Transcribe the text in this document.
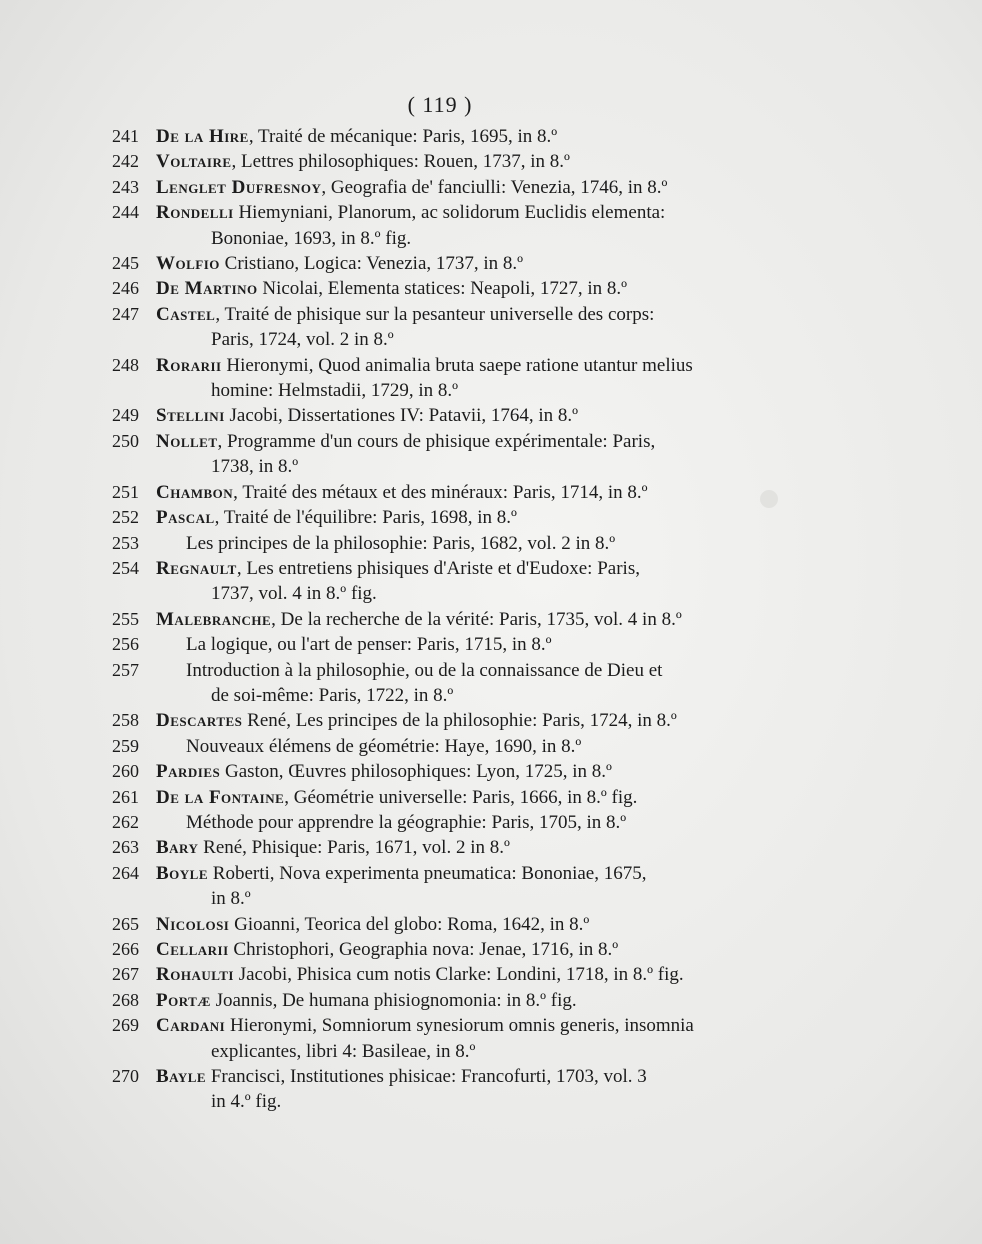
( 119 )
241 De la Hire, Traité de mécanique: Paris, 1695, in 8.º
242 Voltaire, Lettres philosophiques: Rouen, 1737, in 8.º
243 Lenglet Dufresnoy, Geografia de' fanciulli: Venezia, 1746, in 8.º
244 Rondelli Hiemyniani, Planorum, ac solidorum Euclidis elementa:
Bononiae, 1693, in 8.º fig.
245 Wolfio Cristiano, Logica: Venezia, 1737, in 8.º
246 De Martino Nicolai, Elementa statices: Neapoli, 1727, in 8.º
247 Castel, Traité de phisique sur la pesanteur universelle des corps:
Paris, 1724, vol. 2 in 8.º
248 Rorarii Hieronymi, Quod animalia bruta saepe ratione utantur melius
homine: Helmstadii, 1729, in 8.º
249 Stellini Jacobi, Dissertationes IV: Patavii, 1764, in 8.º
250 Nollet, Programme d'un cours de phisique expérimentale: Paris,
1738, in 8.º
251 Chambon, Traité des métaux et des minéraux: Paris, 1714, in 8.º
252 Pascal, Traité de l'équilibre: Paris, 1698, in 8.º
253	Les principes de la philosophie: Paris, 1682, vol. 2 in 8.º
254 Regnault, Les entretiens phisiques d'Ariste et d'Eudoxe: Paris,
1737, vol. 4 in 8.º fig.
255 Malebranche, De la recherche de la vérité: Paris, 1735, vol. 4 in 8.º
256	La logique, ou l'art de penser: Paris, 1715, in 8.º
257	Introduction à la philosophie, ou de la connaissance de Dieu et
de soi-même: Paris, 1722, in 8.º
258 Descartes René, Les principes de la philosophie: Paris, 1724, in 8.º
259	Nouveaux élémens de géométrie: Haye, 1690, in 8.º
260 Pardies Gaston, Œuvres philosophiques: Lyon, 1725, in 8.º
261 De la Fontaine, Géométrie universelle: Paris, 1666, in 8.º fig.
262	Méthode pour apprendre la géographie: Paris, 1705, in 8.º
263 Bary René, Phisique: Paris, 1671, vol. 2 in 8.º
264 Boyle Roberti, Nova experimenta pneumatica: Bononiae, 1675,
in 8.º
265 Nicolosi Gioanni, Teorica del globo: Roma, 1642, in 8.º
266 Cellarii Christophori, Geographia nova: Jenae, 1716, in 8.º
267 Rohaulti Jacobi, Phisica cum notis Clarke: Londini, 1718, in 8.º fig.
268 Portæ Joannis, De humana phisiognomonia: in 8.º fig.
269 Cardani Hieronymi, Somniorum synesiorum omnis generis, insomnia
explicantes, libri 4: Basileae, in 8.º
270 Bayle Francisci, Institutiones phisicae: Francofurti, 1703, vol. 3
in 4.º fig.
